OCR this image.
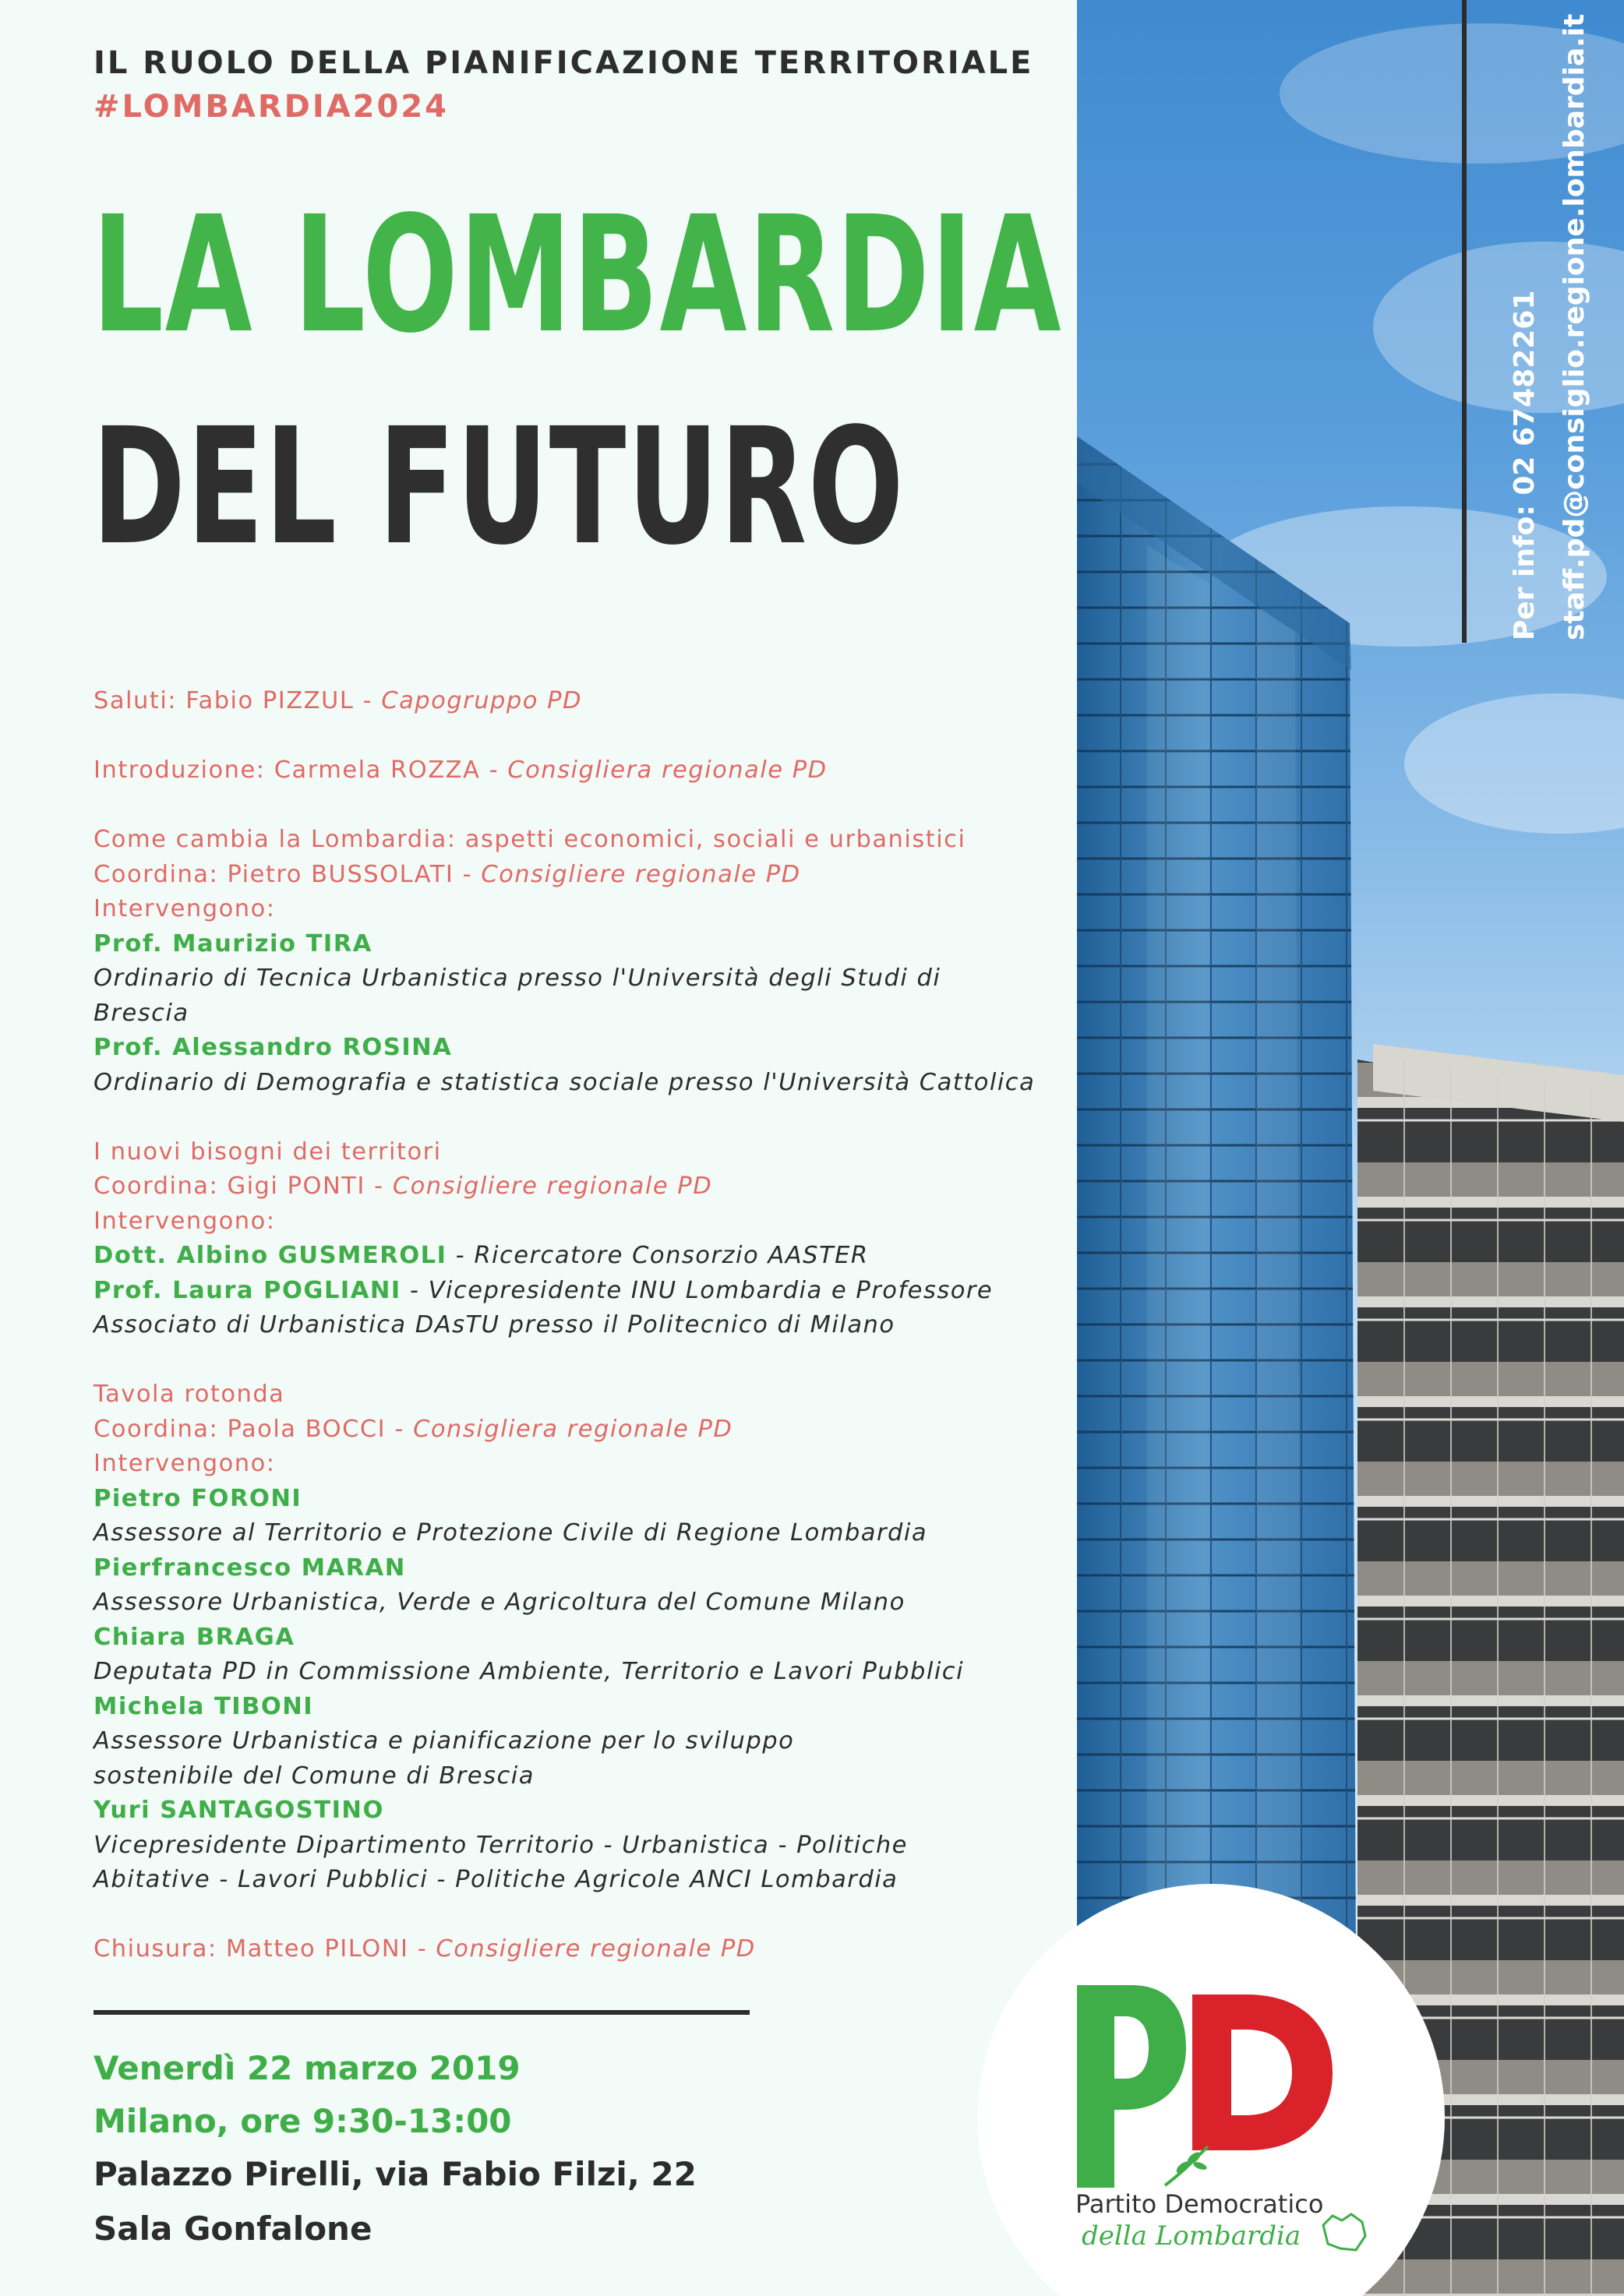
IL RUOLO DELLA PIANIFICAZIONE TERRITORIALE
#LOMBARDIA2024
LA LOMBARDIA
DEL FUTURO
Saluti: Fabio PIZZUL - Capogruppo PD
Introduzione: Carmela ROZZA - Consigliera regionale PD
Come cambia la Lombardia: aspetti economici, sociali e urbanistici
Coordina: Pietro BUSSOLATI - Consigliere regionale PD
Intervengono:
Prof. Maurizio TIRA
Ordinario di Tecnica Urbanistica presso l'Università degli Studi di
Brescia
Prof. Alessandro ROSINA
Ordinario di Demografia e statistica sociale presso l'Università Cattolica
I nuovi bisogni dei territori
Coordina: Gigi PONTI - Consigliere regionale PD
Intervengono:
Dott. Albino GUSMEROLI - Ricercatore Consorzio AASTER
Prof. Laura POGLIANI - Vicepresidente INU Lombardia e Professore
Associato di Urbanistica DAsTU presso il Politecnico di Milano
Tavola rotonda
Coordina: Paola BOCCI - Consigliera regionale PD
Intervengono:
Pietro FORONI
Assessore al Territorio e Protezione Civile di Regione Lombardia
Pierfrancesco MARAN
Assessore Urbanistica, Verde e Agricoltura del Comune Milano
Chiara BRAGA
Deputata PD in Commissione Ambiente, Territorio e Lavori Pubblici
Michela TIBONI
Assessore Urbanistica e pianificazione per lo sviluppo
sostenibile del Comune di Brescia
Yuri SANTAGOSTINO
Vicepresidente Dipartimento Territorio - Urbanistica - Politiche
Abitative - Lavori Pubblici - Politiche Agricole ANCI Lombardia
Chiusura: Matteo PILONI - Consigliere regionale PD
Venerdì 22 marzo 2019
Milano, ore 9:30-13:00
Palazzo Pirelli, via Fabio Filzi, 22
Sala Gonfalone
Per info: 02 67482261 staff.pd@consiglio.regione.lombardia.it
Partito Democratico
della Lombardia
